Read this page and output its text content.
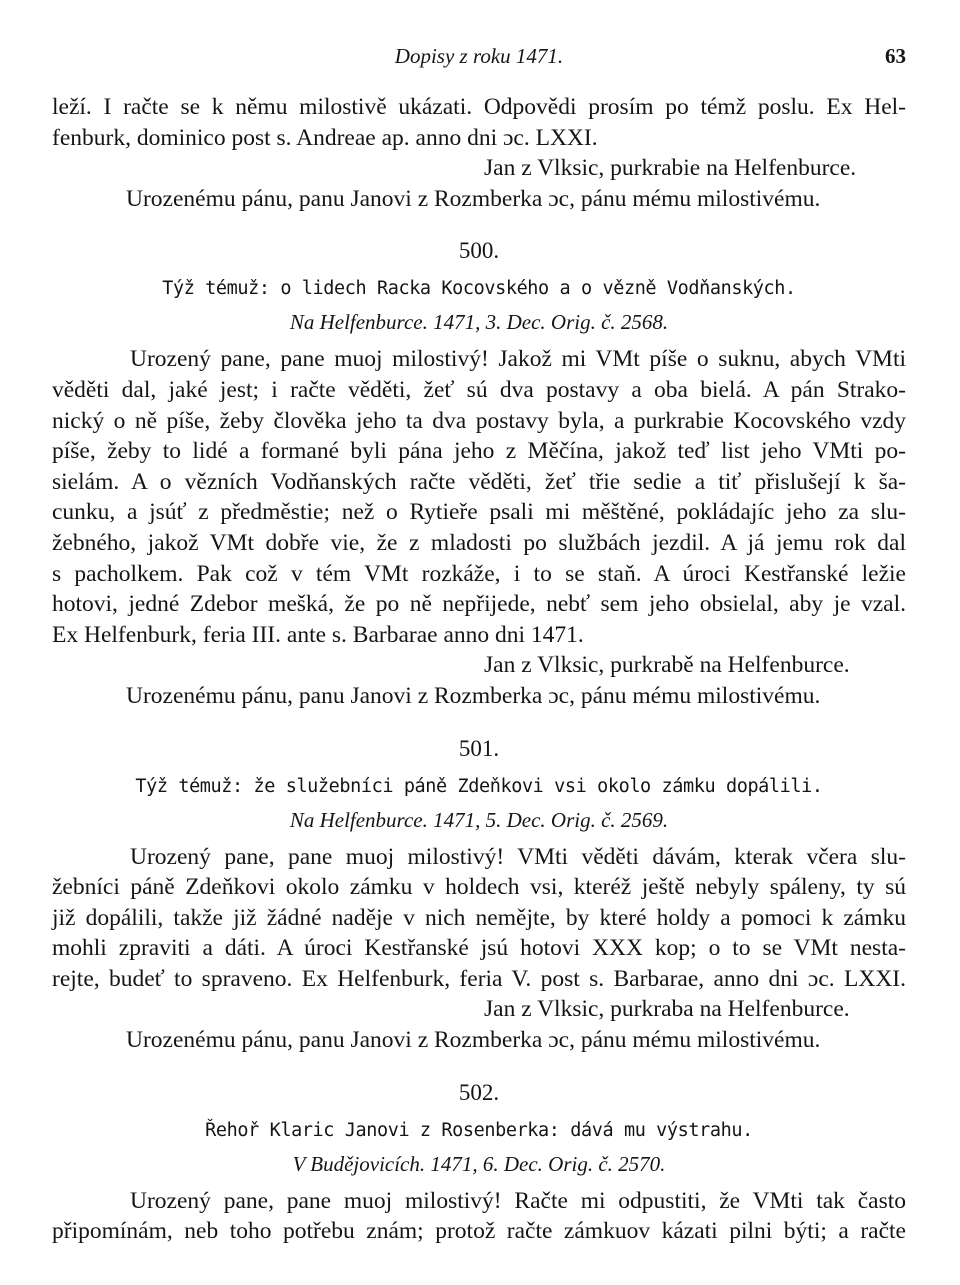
Dopisy z roku 1471.	63
leží. I račte se k němu milostivě ukázati. Odpovědi prosím po témž poslu. Ex Hel-
fenburk, dominico post s. Andreae ap. anno dni ɔc. LXXI.
Jan z Vlksic, purkrabie na Helfenburce.
Urozenému pánu, panu Janovi z Rozmberka ɔc, pánu mému milostivému.
500.
Týž témuž: o lidech Racka Kocovského a o vězně Vodňanských.
Na Helfenburce. 1471, 3. Dec. Orig. č. 2568.
Urozený pane, pane muoj milostivý! Jakož mi VMt píše o suknu, abych VMti
věděti dal, jaké jest; i račte věděti, žeť sú dva postavy a oba bielá. A pán Strako-
nický o ně píše, žeby člověka jeho ta dva postavy byla, a purkrabie Kocovského vzdy
píše, žeby to lidé a formané byli pána jeho z Měčína, jakož teď list jeho VMti po-
sielám. A o vězních Vodňanských račte věděti, žeť třie sedie a tiť přislušejí k ša-
cunku, a jsúť z předměstie; než o Rytieře psali mi měštěné, pokládajíc jeho za slu-
žebného, jakož VMt dobře vie, že z mladosti po službách jezdil. A já jemu rok dal
s pacholkem. Pak což v tém VMt rozkáže, i to se staň. A úroci Kestřanské ležie
hotovi, jedné Zdebor mešká, že po ně nepřijede, nebť sem jeho obsielal, aby je vzal.
Ex Helfenburk, feria III. ante s. Barbarae anno dni 1471.
Jan z Vlksic, purkrabě na Helfenburce.
Urozenému pánu, panu Janovi z Rozmberka ɔc, pánu mému milostivému.
501.
Týž témuž: že služebníci páně Zdeňkovi vsi okolo zámku dopálili.
Na Helfenburce. 1471, 5. Dec. Orig. č. 2569.
Urozený pane, pane muoj milostivý! VMti věděti dávám, kterak včera slu-
žebníci páně Zdeňkovi okolo zámku v holdech vsi, kteréž ještě nebyly spáleny, ty sú
již dopálili, takže již žádné naděje v nich nemějte, by které holdy a pomoci k zámku
mohli zpraviti a dáti. A úroci Kestřanské jsú hotovi XXX kop; o to se VMt nesta-
rejte, budeť to spraveno. Ex Helfenburk, feria V. post s. Barbarae, anno dni ɔc. LXXI.
Jan z Vlksic, purkraba na Helfenburce.
Urozenému pánu, panu Janovi z Rozmberka ɔc, pánu mému milostivému.
502.
Řehoř Klaric Janovi z Rosenberka: dává mu výstrahu.
V Budějovicích. 1471, 6. Dec. Orig. č. 2570.
Urozený pane, pane muoj milostivý! Račte mi odpustiti, že VMti tak často
připomínám, neb toho potřebu znám; protož račte zámkuov kázati pilni býti; a račte
